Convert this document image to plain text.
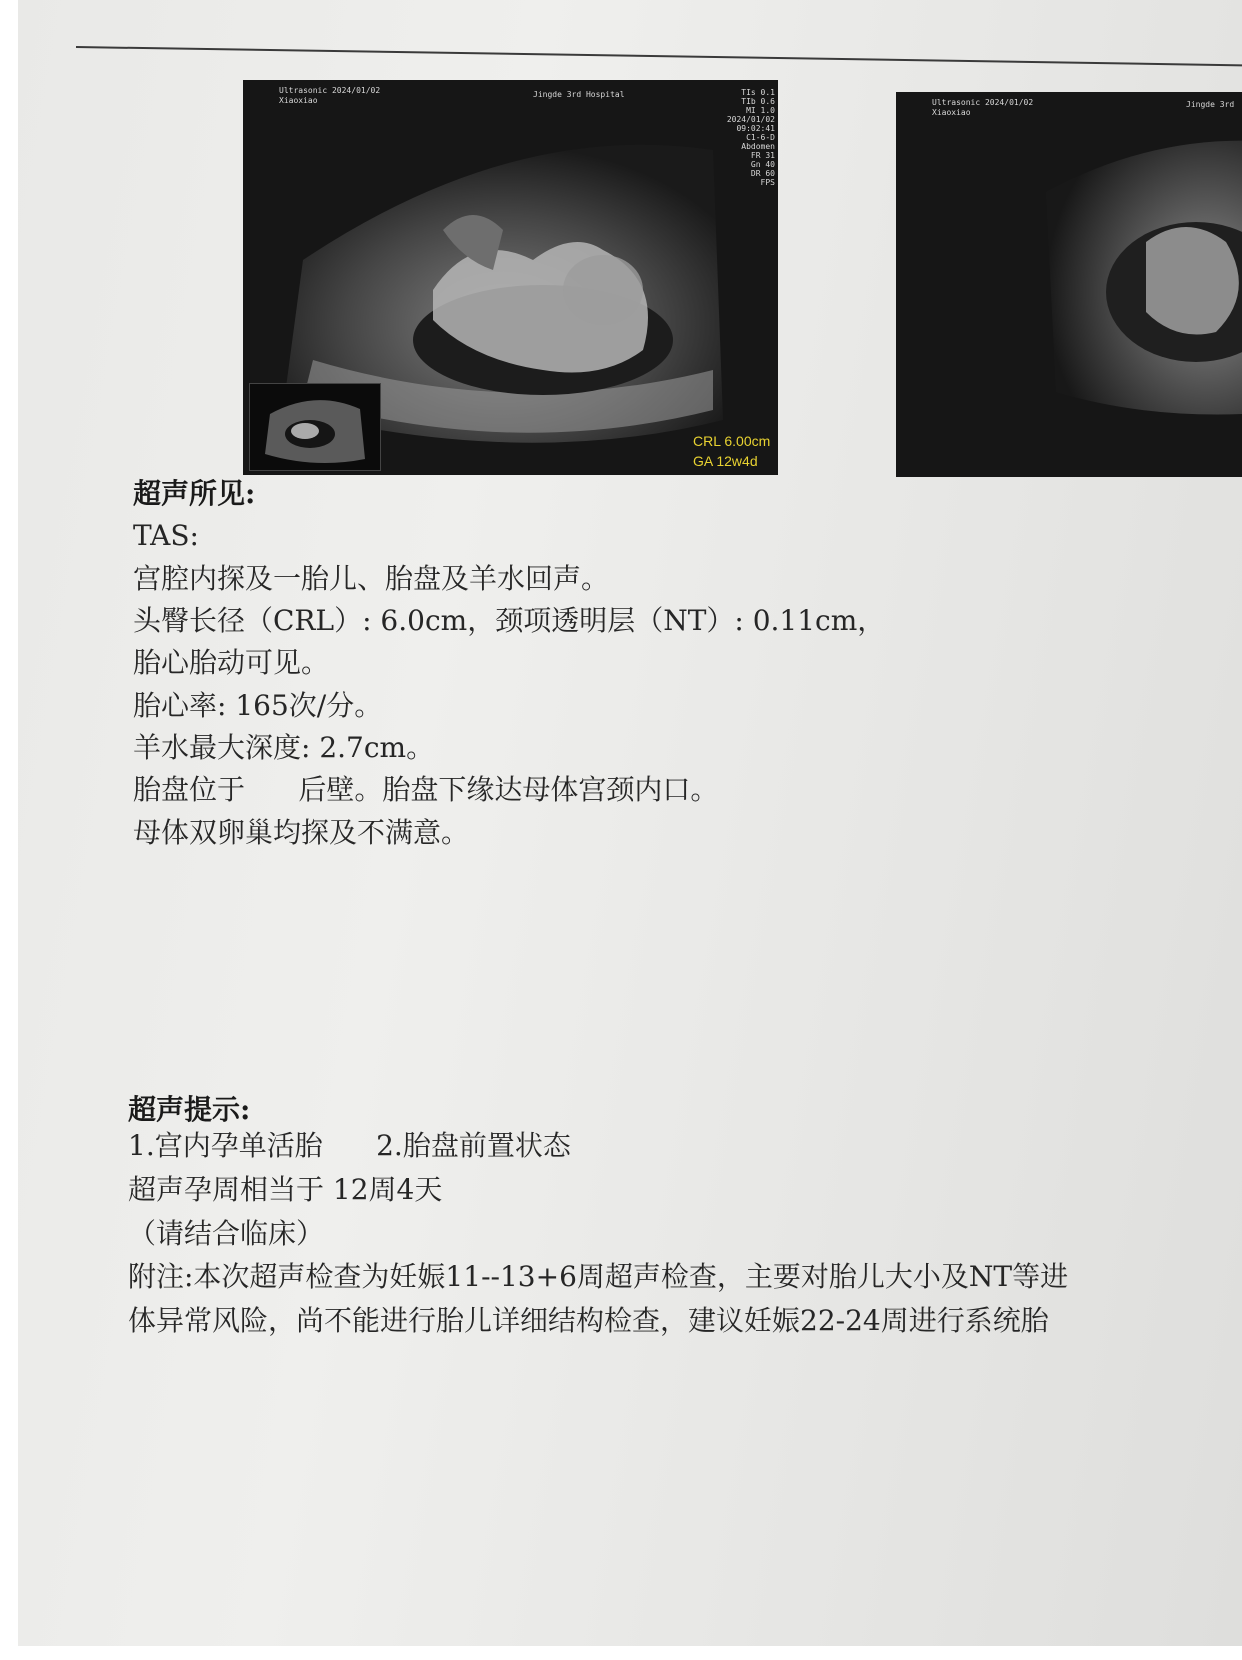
Ultrasonic 2024/01/02
Xiaoxiao
Jingde 3rd Hospital	TIs 0.1
TIb 0.6
MI 1.0
2024/01/02
09:02:41
C1-6-D
Abdomen
FR 31
Gn 40
DR 60
FPS
CRL 6.00cm
GA 12w4d
Ultrasonic 2024/01/02
Xiaoxiao
Jingde 3rd
超声所见:
TAS:
宫腔内探及一胎儿、胎盘及羊水回声。
头臀长径（CRL）: 6.0cm，颈项透明层（NT）: 0.11cm，
胎心胎动可见。
胎心率: 165次/分。
羊水最大深度: 2.7cm。
胎盘位于      后壁。胎盘下缘达母体宫颈内口。
母体双卵巢均探及不满意。
超声提示:
1.宫内孕单活胎      2.胎盘前置状态
超声孕周相当于 12周4天
（请结合临床）
附注:本次超声检查为妊娠11--13+6周超声检查，主要对胎儿大小及NT等进
体异常风险，尚不能进行胎儿详细结构检查，建议妊娠22-24周进行系统胎
